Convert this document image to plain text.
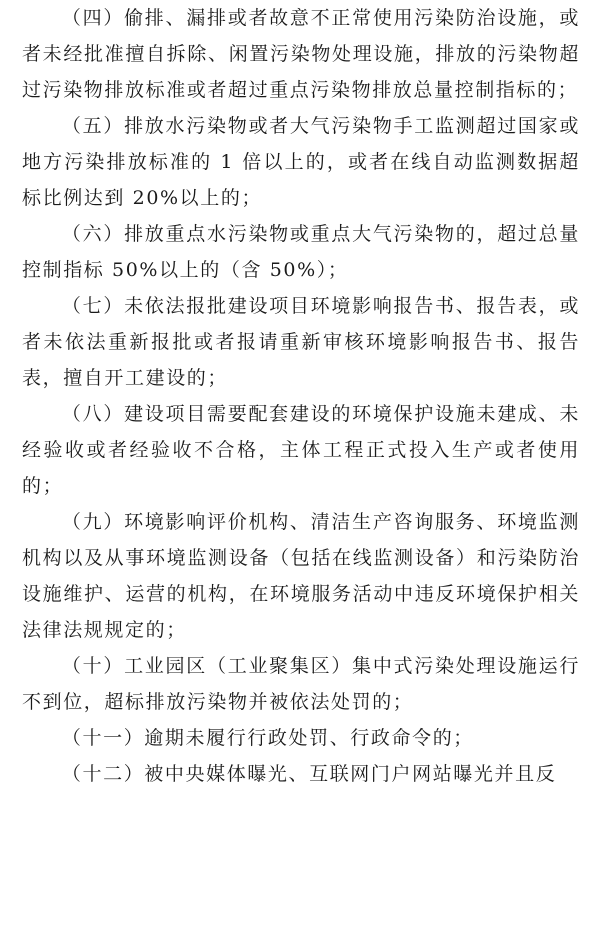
（四）偷排、漏排或者故意不正常使用污染防治设施，或者未经批准擅自拆除、闲置污染物处理设施，排放的污染物超过污染物排放标准或者超过重点污染物排放总量控制指标的；

（五）排放水污染物或者大气污染物手工监测超过国家或地方污染排放标准的 1 倍以上的，或者在线自动监测数据超标比例达到 20%以上的；

（六）排放重点水污染物或重点大气污染物的，超过总量控制指标 50%以上的（含 50%）；

（七）未依法报批建设项目环境影响报告书、报告表，或者未依法重新报批或者报请重新审核环境影响报告书、报告表，擅自开工建设的；

（八）建设项目需要配套建设的环境保护设施未建成、未经验收或者经验收不合格，主体工程正式投入生产或者使用的；

（九）环境影响评价机构、清洁生产咨询服务、环境监测机构以及从事环境监测设备（包括在线监测设备）和污染防治设施维护、运营的机构，在环境服务活动中违反环境保护相关法律法规规定的；

（十）工业园区（工业聚集区）集中式污染处理设施运行不到位，超标排放污染物并被依法处罚的；

（十一）逾期未履行行政处罚、行政命令的；

（十二）被中央媒体曝光、互联网门户网站曝光并且反
